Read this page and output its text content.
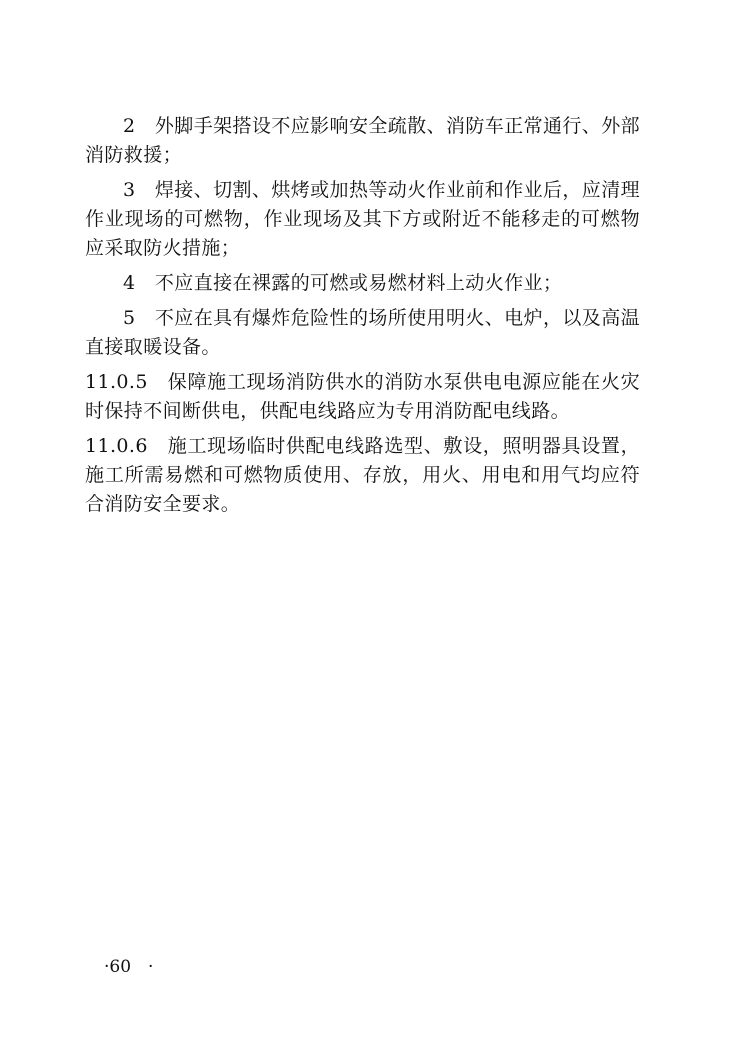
2　外脚手架搭设不应影响安全疏散、消防车正常通行、外部消防救援；

3　焊接、切割、烘烤或加热等动火作业前和作业后，应清理作业现场的可燃物，作业现场及其下方或附近不能移走的可燃物应采取防火措施；

4　不应直接在裸露的可燃或易燃材料上动火作业；

5　不应在具有爆炸危险性的场所使用明火、电炉，以及高温直接取暖设备。

11.0.5　保障施工现场消防供水的消防水泵供电电源应能在火灾时保持不间断供电，供配电线路应为专用消防配电线路。

11.0.6　施工现场临时供配电线路选型、敷设，照明器具设置，施工所需易燃和可燃物质使用、存放，用火、用电和用气均应符合消防安全要求。

·60　·
